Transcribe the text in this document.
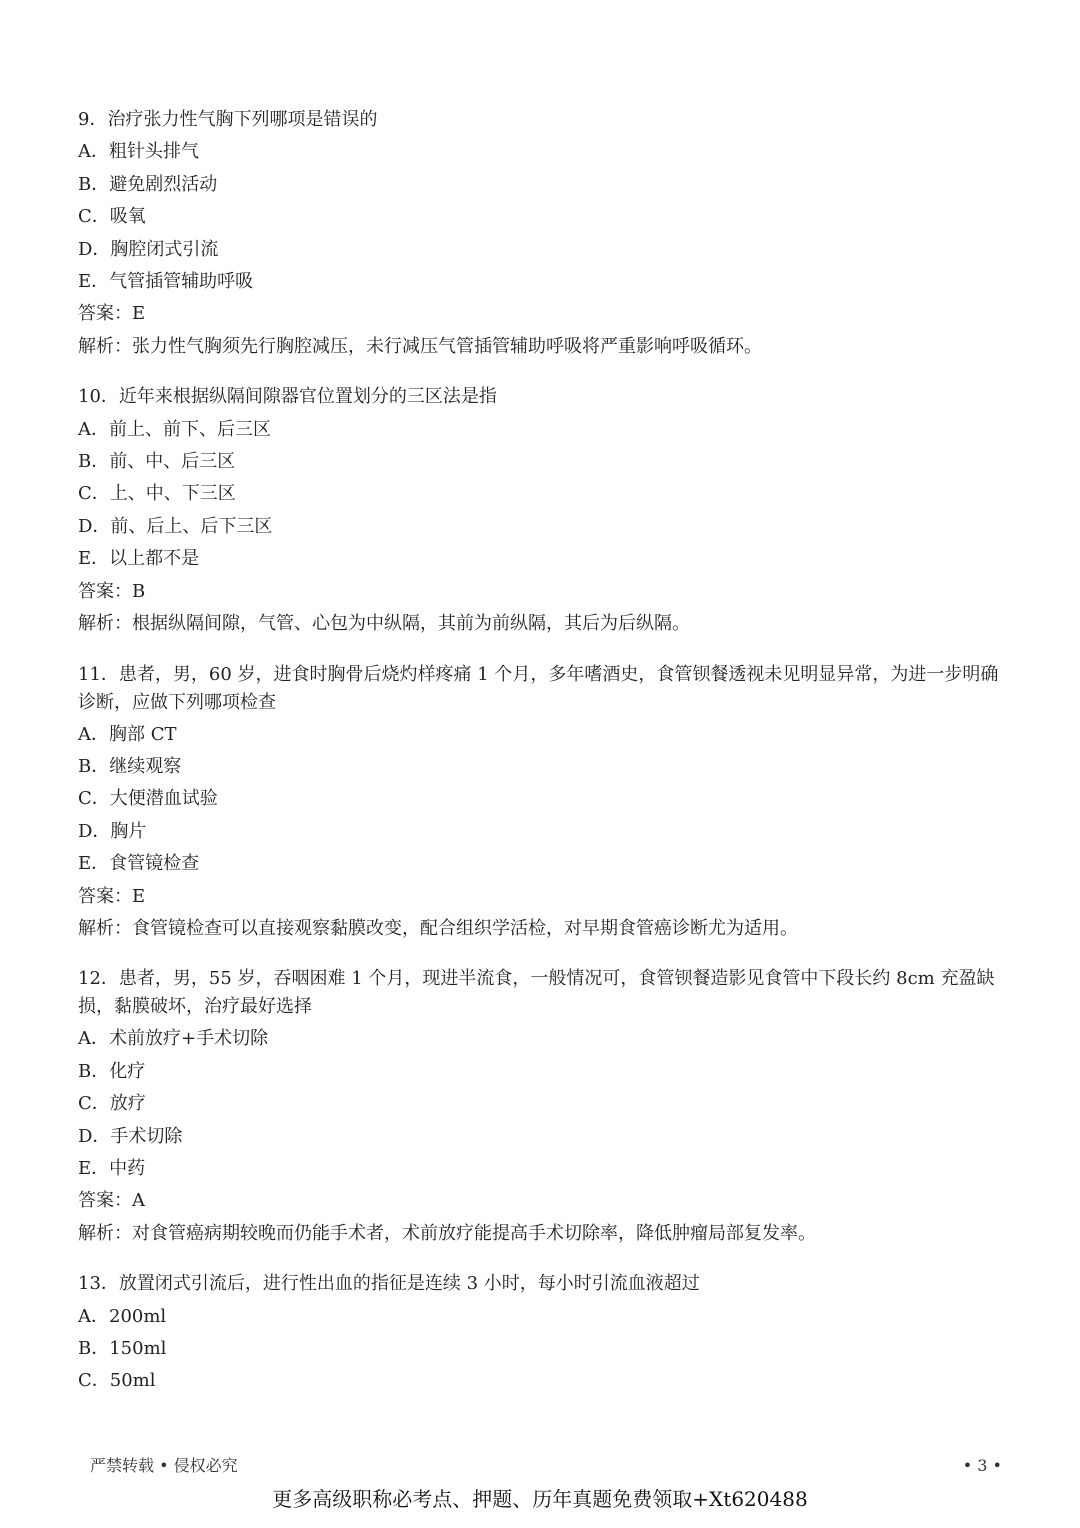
9．治疗张力性气胸下列哪项是错误的
A．粗针头排气
B．避免剧烈活动
C．吸氧
D．胸腔闭式引流
E．气管插管辅助呼吸
答案：E
解析：张力性气胸须先行胸腔减压，未行减压气管插管辅助呼吸将严重影响呼吸循环。
10．近年来根据纵隔间隙器官位置划分的三区法是指
A．前上、前下、后三区
B．前、中、后三区
C．上、中、下三区
D．前、后上、后下三区
E．以上都不是
答案：B
解析：根据纵隔间隙，气管、心包为中纵隔，其前为前纵隔，其后为后纵隔。
11．患者，男，60 岁，进食时胸骨后烧灼样疼痛 1 个月，多年嗜酒史，食管钡餐透视未见明显异常，为进一步明确诊断，应做下列哪项检查
A．胸部 CT
B．继续观察
C．大便潜血试验
D．胸片
E．食管镜检查
答案：E
解析：食管镜检查可以直接观察黏膜改变，配合组织学活检，对早期食管癌诊断尤为适用。
12．患者，男，55 岁，吞咽困难 1 个月，现进半流食，一般情况可，食管钡餐造影见食管中下段长约 8cm 充盈缺损，黏膜破坏，治疗最好选择
A．术前放疗+手术切除
B．化疗
C．放疗
D．手术切除
E．中药
答案：A
解析：对食管癌病期较晚而仍能手术者，术前放疗能提高手术切除率，降低肿瘤局部复发率。
13．放置闭式引流后，进行性出血的指征是连续 3 小时，每小时引流血液超过
A．200ml
B．150ml
C．50ml
严禁转载 • 侵权必究	• 3 •
更多高级职称必考点、押题、历年真题免费领取+Xt620488
